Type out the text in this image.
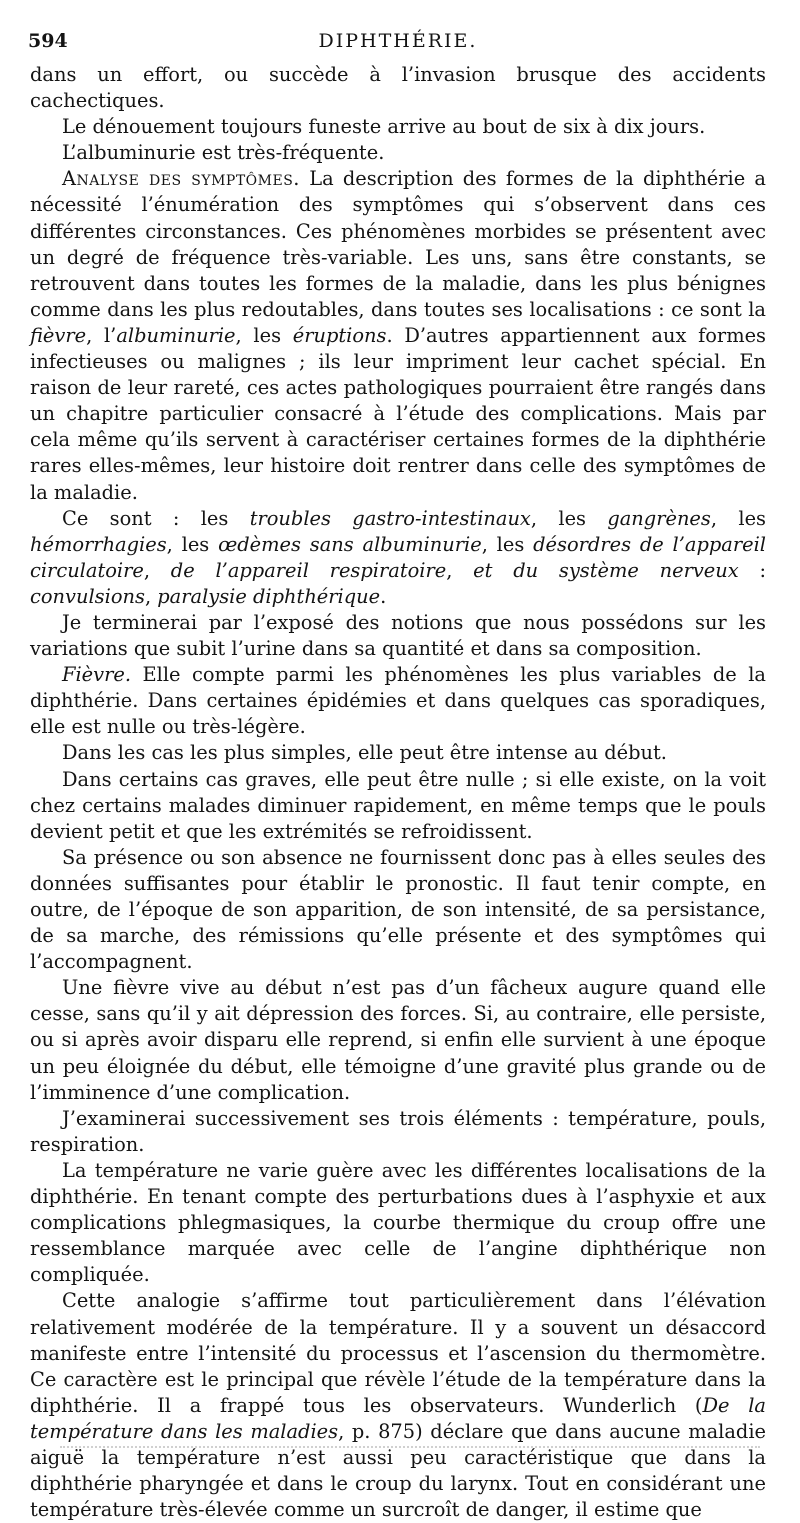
594	DIPHTHÉRIE.

dans un effort, ou succède à l’invasion brusque des accidents cachectiques.

Le dénouement toujours funeste arrive au bout de six à dix jours.

L’albuminurie est très-fréquente.

Analyse des symptômes. La description des formes de la diphthérie a nécessité l’énumération des symptômes qui s’observent dans ces différentes circonstances. Ces phénomènes morbides se présentent avec un degré de fréquence très-variable. Les uns, sans être constants, se retrouvent dans toutes les formes de la maladie, dans les plus bénignes comme dans les plus redoutables, dans toutes ses localisations : ce sont la fièvre, l’albuminurie, les éruptions. D’autres appartiennent aux formes infectieuses ou malignes ; ils leur impriment leur cachet spécial. En raison de leur rareté, ces actes pathologiques pourraient être rangés dans un chapitre particulier consacré à l’étude des complications. Mais par cela même qu’ils servent à caractériser certaines formes de la diphthérie rares elles-mêmes, leur histoire doit rentrer dans celle des symptômes de la maladie.

Ce sont : les troubles gastro-intestinaux, les gangrènes, les hémorrhagies, les œdèmes sans albuminurie, les désordres de l’appareil circulatoire, de l’appareil respiratoire, et du système nerveux : convulsions, paralysie diphthérique.

Je terminerai par l’exposé des notions que nous possédons sur les variations que subit l’urine dans sa quantité et dans sa composition.

Fièvre. Elle compte parmi les phénomènes les plus variables de la diphthérie. Dans certaines épidémies et dans quelques cas sporadiques, elle est nulle ou très-légère.

Dans les cas les plus simples, elle peut être intense au début.

Dans certains cas graves, elle peut être nulle ; si elle existe, on la voit chez certains malades diminuer rapidement, en même temps que le pouls devient petit et que les extrémités se refroidissent.

Sa présence ou son absence ne fournissent donc pas à elles seules des données suffisantes pour établir le pronostic. Il faut tenir compte, en outre, de l’époque de son apparition, de son intensité, de sa persistance, de sa marche, des rémissions qu’elle présente et des symptômes qui l’accompagnent.

Une fièvre vive au début n’est pas d’un fâcheux augure quand elle cesse, sans qu’il y ait dépression des forces. Si, au contraire, elle persiste, ou si après avoir disparu elle reprend, si enfin elle survient à une époque un peu éloignée du début, elle témoigne d’une gravité plus grande ou de l’imminence d’une complication.

J’examinerai successivement ses trois éléments : température, pouls, respiration.

La température ne varie guère avec les différentes localisations de la diphthérie. En tenant compte des perturbations dues à l’asphyxie et aux complications phlegmasiques, la courbe thermique du croup offre une ressemblance marquée avec celle de l’angine diphthérique non compliquée.

Cette analogie s’affirme tout particulièrement dans l’élévation relativement modérée de la température. Il y a souvent un désaccord manifeste entre l’intensité du processus et l’ascension du thermomètre. Ce caractère est le principal que révèle l’étude de la température dans la diphthérie. Il a frappé tous les observateurs. Wunderlich (De la température dans les maladies, p. 875) déclare que dans aucune maladie aiguë la température n’est aussi peu caractéristique que dans la diphthérie pharyngée et dans le croup du larynx. Tout en considérant une température très-élevée comme un surcroît de danger, il estime que
